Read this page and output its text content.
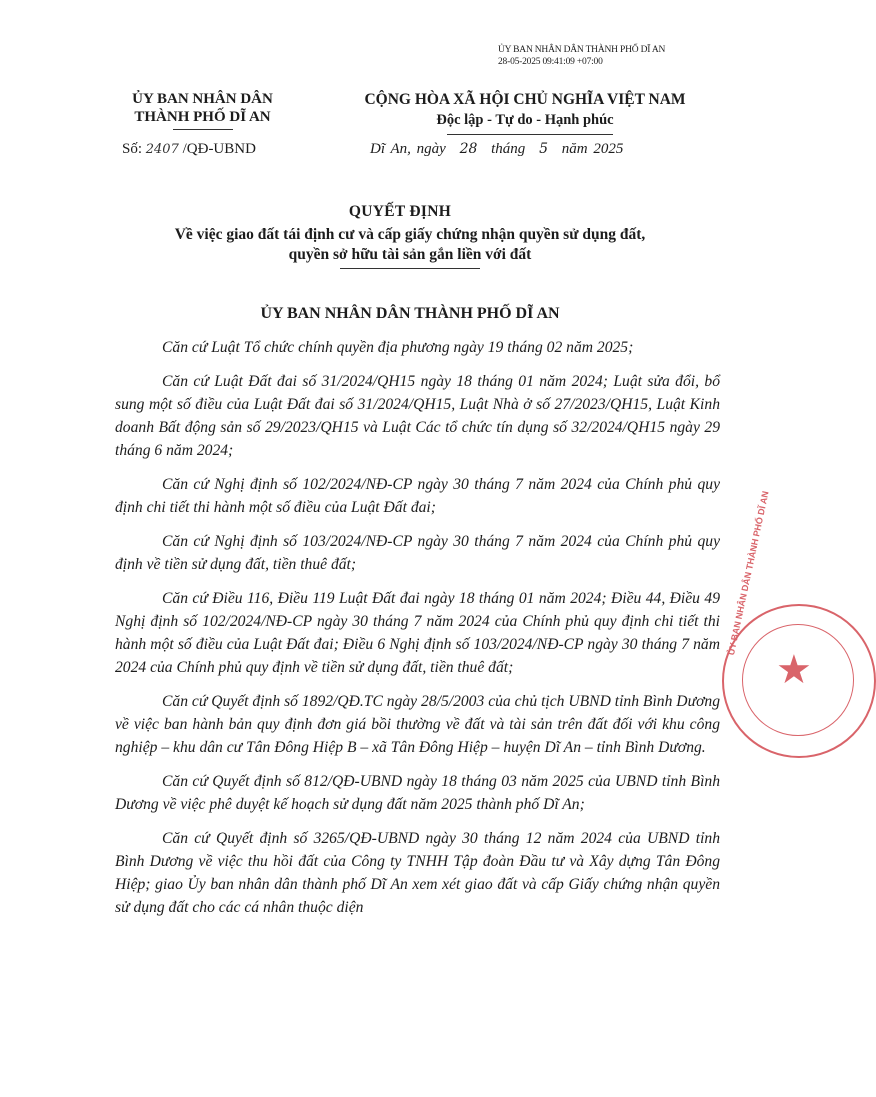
ỦY BAN NHÂN DÂN THÀNH PHỐ DĨ AN
28-05-2025 09:41:09 +07:00
ỦY BAN NHÂN DÂN
THÀNH PHỐ DĨ AN
CỘNG HÒA XÃ HỘI CHỦ NGHĨA VIỆT NAM
Độc lập - Tự do - Hạnh phúc
Số: 2407 /QĐ-UBND	Dĩ An, ngày 28 tháng 5 năm 2025
QUYẾT ĐỊNH
Về việc giao đất tái định cư và cấp giấy chứng nhận quyền sử dụng đất,
quyền sở hữu tài sản gắn liền với đất
ỦY BAN NHÂN DÂN THÀNH PHỐ DĨ AN

Căn cứ Luật Tổ chức chính quyền địa phương ngày 19 tháng 02 năm 2025;

Căn cứ Luật Đất đai số 31/2024/QH15 ngày 18 tháng 01 năm 2024; Luật sửa đổi, bổ sung một số điều của Luật Đất đai số 31/2024/QH15, Luật Nhà ở số 27/2023/QH15, Luật Kinh doanh Bất động sản số 29/2023/QH15 và Luật Các tổ chức tín dụng số 32/2024/QH15 ngày 29 tháng 6 năm 2024;

Căn cứ Nghị định số 102/2024/NĐ-CP ngày 30 tháng 7 năm 2024 của Chính phủ quy định chi tiết thi hành một số điều của Luật Đất đai;

Căn cứ Nghị định số 103/2024/NĐ-CP ngày 30 tháng 7 năm 2024 của Chính phủ quy định về tiền sử dụng đất, tiền thuê đất;

Căn cứ Điều 116, Điều 119 Luật Đất đai ngày 18 tháng 01 năm 2024; Điều 44, Điều 49 Nghị định số 102/2024/NĐ-CP ngày 30 tháng 7 năm 2024 của Chính phủ quy định chi tiết thi hành một số điều của Luật Đất đai; Điều 6 Nghị định số 103/2024/NĐ-CP ngày 30 tháng 7 năm 2024 của Chính phủ quy định về tiền sử dụng đất, tiền thuê đất;

Căn cứ Quyết định số 1892/QĐ.TC ngày 28/5/2003 của chủ tịch UBND tỉnh Bình Dương về việc ban hành bản quy định đơn giá bồi thường về đất và tài sản trên đất đối với khu công nghiệp – khu dân cư Tân Đông Hiệp B – xã Tân Đông Hiệp – huyện Dĩ An – tỉnh Bình Dương.

Căn cứ Quyết định số 812/QĐ-UBND ngày 18 tháng 03 năm 2025 của UBND tỉnh Bình Dương về việc phê duyệt kế hoạch sử dụng đất năm 2025 thành phố Dĩ An;

Căn cứ Quyết định số 3265/QĐ-UBND ngày 30 tháng 12 năm 2024 của UBND tỉnh Bình Dương về việc thu hồi đất của Công ty TNHH Tập đoàn Đầu tư và Xây dựng Tân Đông Hiệp; giao Ủy ban nhân dân thành phố Dĩ An xem xét giao đất và cấp Giấy chứng nhận quyền sử dụng đất cho các cá nhân thuộc diện

ỦY BAN NHÂN DÂN THÀNH PHỐ DĨ AN
★
